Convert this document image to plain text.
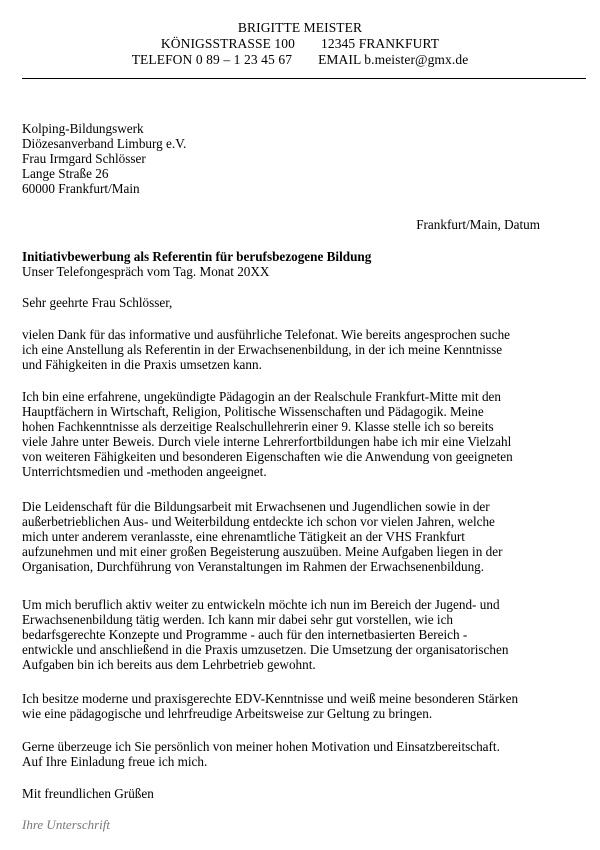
BRIGITTE MEISTER
KÖNIGSSTRASSE 100 12345 FRANKFURT
TELEFON 0 89 – 1 23 45 67 EMAIL b.meister@gmx.de
Kolping-Bildungswerk
Diözesanverband Limburg e.V.
Frau Irmgard Schlösser
Lange Straße 26
60000 Frankfurt/Main
Frankfurt/Main, Datum
Initiativbewerbung als Referentin für berufsbezogene Bildung
Unser Telefongespräch vom Tag. Monat 20XX
Sehr geehrte Frau Schlösser,
vielen Dank für das informative und ausführliche Telefonat. Wie bereits angesprochen suche
ich eine Anstellung als Referentin in der Erwachsenenbildung, in der ich meine Kenntnisse
und Fähigkeiten in die Praxis umsetzen kann.
Ich bin eine erfahrene, ungekündigte Pädagogin an der Realschule Frankfurt-Mitte mit den
Hauptfächern in Wirtschaft, Religion, Politische Wissenschaften und Pädagogik. Meine
hohen Fachkenntnisse als derzeitige Realschullehrerin einer 9. Klasse stelle ich so bereits
viele Jahre unter Beweis. Durch viele interne Lehrerfortbildungen habe ich mir eine Vielzahl
von weiteren Fähigkeiten und besonderen Eigenschaften wie die Anwendung von geeigneten
Unterrichtsmedien und -methoden angeeignet.
Die Leidenschaft für die Bildungsarbeit mit Erwachsenen und Jugendlichen sowie in der
außerbetrieblichen Aus- und Weiterbildung entdeckte ich schon vor vielen Jahren, welche
mich unter anderem veranlasste, eine ehrenamtliche Tätigkeit an der VHS Frankfurt
aufzunehmen und mit einer großen Begeisterung auszuüben. Meine Aufgaben liegen in der
Organisation, Durchführung von Veranstaltungen im Rahmen der Erwachsenenbildung.
Um mich beruflich aktiv weiter zu entwickeln möchte ich nun im Bereich der Jugend- und
Erwachsenenbildung tätig werden. Ich kann mir dabei sehr gut vorstellen, wie ich
bedarfsgerechte Konzepte und Programme - auch für den internetbasierten Bereich -
entwickle und anschließend in die Praxis umzusetzen. Die Umsetzung der organisatorischen
Aufgaben bin ich bereits aus dem Lehrbetrieb gewohnt.
Ich besitze moderne und praxisgerechte EDV-Kenntnisse und weiß meine besonderen Stärken
wie eine pädagogische und lehrfreudige Arbeitsweise zur Geltung zu bringen.
Gerne überzeuge ich Sie persönlich von meiner hohen Motivation und Einsatzbereitschaft.
Auf Ihre Einladung freue ich mich.
Mit freundlichen Grüßen
Ihre Unterschrift
